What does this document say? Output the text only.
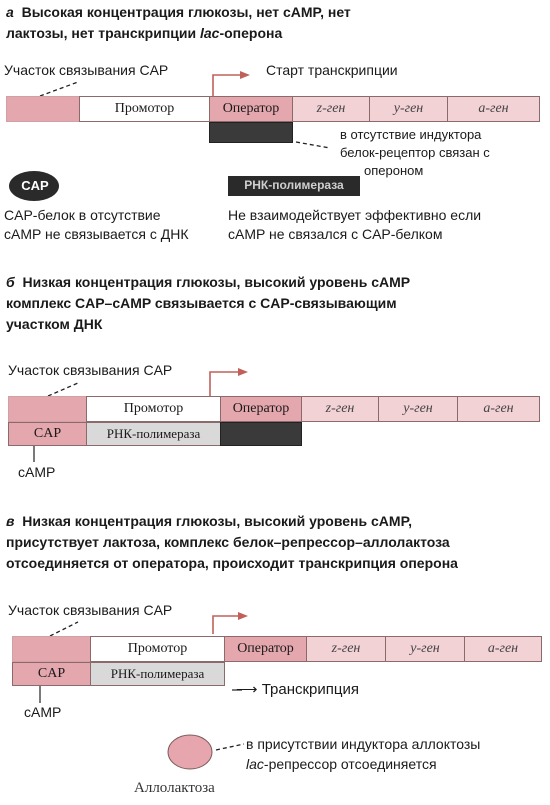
а Высокая концентрация глюкозы, нет cAMP, нет
лактозы, нет транскрипции lac-оперона
Участок связывания CAP	Старт транскрипции
Промотор	Оператор	z-ген	y-ген	a-ген
в отсутствие индуктора
белок-рецептор связан с
опероном
CAP	РНК-полимераза
CAP-белок в отсутствие
cAMP не связывается с ДНК
Не взаимодействует эффективно если
cAMP не связался с CAP-белком
б Низкая концентрация глюкозы, высокий уровень cAMP
комплекс CAP–cAMP связывается с CAP-связывающим
участком ДНК
Участок связывания CAP
Промотор	Оператор	z-ген	y-ген	a-ген
CAP	РНК-полимераза
cAMP
в Низкая концентрация глюкозы, высокий уровень cAMP,
присутствует лактоза, комплекс белок–репрессор–аллолактоза
отсоединяется от оператора, происходит транскрипция оперона
Участок связывания CAP
Промотор	Оператор	z-ген	y-ген	a-ген
CAP	РНК-полимераза
⟶ Транскрипция
cAMP
в присутствии индуктора аллоктозы
lac-репрессор отсоединяется
Аллолактоза
